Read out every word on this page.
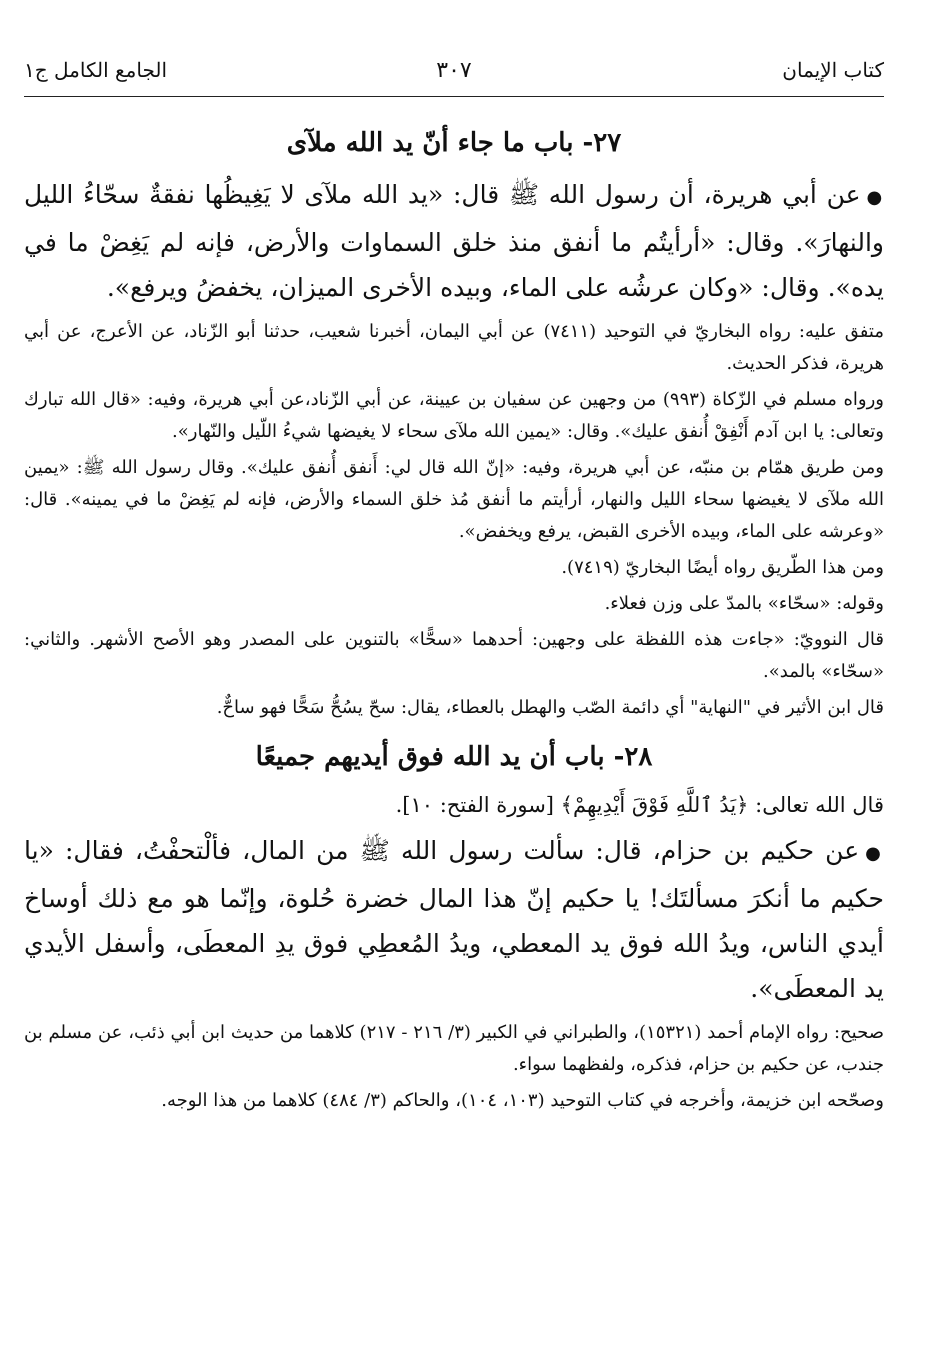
كتاب الإيمان
٣٠٧
الجامع الكامل ج١
٢٧- باب ما جاء أنّ يد الله ملآى

●عن أبي هريرة، أن رسول الله ﷺ قال: «يد الله ملآى لا يَغِيظُها نفقةٌ سحّاءُ الليل والنهارَ». وقال: «أرأيتُم ما أنفق منذ خلق السماوات والأرض، فإنه لم يَغِضْ ما في يده». وقال: «وكان عرشُه على الماء، وبيده الأخرى الميزان، يخفضُ ويرفع».

متفق عليه: رواه البخاريّ في التوحيد (٧٤١١) عن أبي اليمان، أخبرنا شعيب، حدثنا أبو الزّناد، عن الأعرج، عن أبي هريرة، فذكر الحديث.

ورواه مسلم في الزّكاة (٩٩٣) من وجهين عن سفيان بن عيينة، عن أبي الزّناد،عن أبي هريرة، وفيه: «قال الله تبارك وتعالى: يا ابن آدم أَنْفِقْ أُنفق عليك». وقال: «يمين الله ملآى سحاء لا يغيضها شيءُ اللّيل والنّهار».

ومن طريق همّام بن منبّه، عن أبي هريرة، وفيه: «إنّ الله قال لي: أَنفق أُنفق عليك». وقال رسول الله ﷺ: «يمين الله ملآى لا يغيضها سحاء الليل والنهار، أرأيتم ما أنفق مُذ خلق السماء والأرض، فإنه لم يَغِضْ ما في يمينه». قال: «وعرشه على الماء، وبيده الأخرى القبض، يرفع ويخفض».

ومن هذا الطّريق رواه أيضًا البخاريّ (٧٤١٩).

وقوله: «سحّاء» بالمدّ على وزن فعلاء.

قال النوويّ: «جاءت هذه اللفظة على وجهين: أحدهما «سحًّا» بالتنوين على المصدر وهو الأصح الأشهر. والثاني: «سحّاء» بالمد».

قال ابن الأثير في "النهاية" أي دائمة الصّب والهطل بالعطاء، يقال: سحّ يسُحُّ سَحًّا فهو ساحٌّ.

٢٨- باب أن يد الله فوق أيديهم جميعًا

قال الله تعالى: ﴿يَدُ ٱللَّهِ فَوْقَ أَيْدِيهِمْ﴾ [سورة الفتح: ١٠].

●عن حكيم بن حزام، قال: سألت رسول الله ﷺ من المال، فألْتحفْتُ، فقال: «يا حكيم ما أنكرَ مسألتَك! يا حكيم إنّ هذا المال خضرة حُلوة، وإنّما هو مع ذلك أوساخ أيدي الناس، ويدُ الله فوق يد المعطي، ويدُ المُعطِي فوق يدِ المعطَى، وأسفل الأيدي يد المعطَى».

صحيح: رواه الإمام أحمد (١٥٣٢١)، والطبراني في الكبير (٣/ ٢١٦ - ٢١٧) كلاهما من حديث ابن أبي ذئب، عن مسلم بن جندب، عن حكيم بن حزام، فذكره، ولفظهما سواء.

وصحّحه ابن خزيمة، وأخرجه في كتاب التوحيد (١٠٣، ١٠٤)، والحاكم (٣/ ٤٨٤) كلاهما من هذا الوجه.
